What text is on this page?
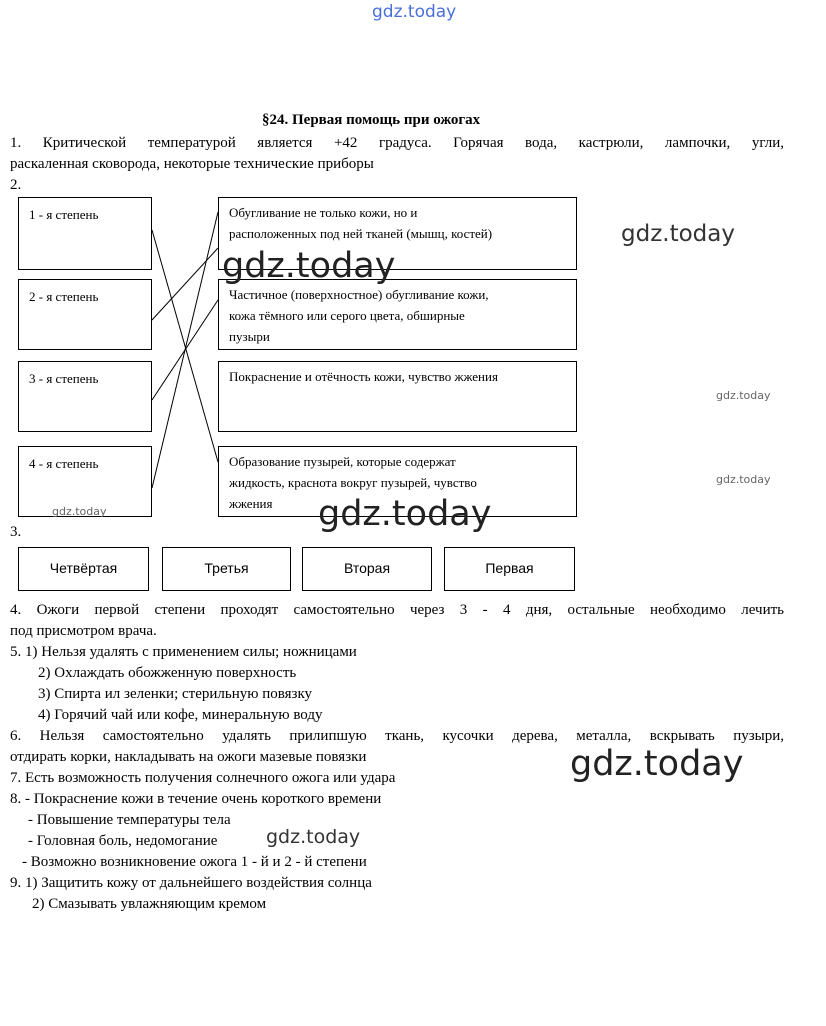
gdz.today
gdz.today
gdz.today
gdz.today
§24. Первая помощь при ожогах
1. Критической температурой является +42 градуса. Горячая вода, кастрюли, лампочки, угли,
раскаленная сковорода, некоторые технические приборы
2.
1 - я степень
2 - я степень
3 - я степень
4 - я степень
Обугливание не только кожи, но и
расположенных под ней тканей (мышц, костей)
Частичное (поверхностное) обугливание кожи,
кожа тёмного или серого цвета, обширные
пузыри
Покраснение и отёчность кожи, чувство жжения
Образование пузырей, которые содержат
жидкость, краснота вокруг пузырей, чувство
жжения
gdz.today
gdz.today	gdz.today
3.
Четвёртая	Третья	Вторая	Первая
4. Ожоги первой степени проходят самостоятельно через 3 - 4 дня, остальные необходимо лечить
под присмотром врача.
5. 1) Нельзя удалять с применением силы; ножницами
2) Охлаждать обожженную поверхность
3) Спирта ил зеленки; стерильную повязку
4) Горячий чай или кофе, минеральную воду
6. Нельзя самостоятельно удалять прилипшую ткань, кусочки дерева, металла, вскрывать пузыри,
отдирать корки, накладывать на ожоги мазевые повязки
7. Есть возможность получения солнечного ожога или удара	gdz.today
8. - Покраснение кожи в течение очень короткого времени
- Повышение температуры тела
- Головная боль, недомогание
- Возможно возникновение ожога 1 - й и 2 - й степени
gdz.today
9. 1) Защитить кожу от дальнейшего воздействия солнца
2) Смазывать увлажняющим кремом
